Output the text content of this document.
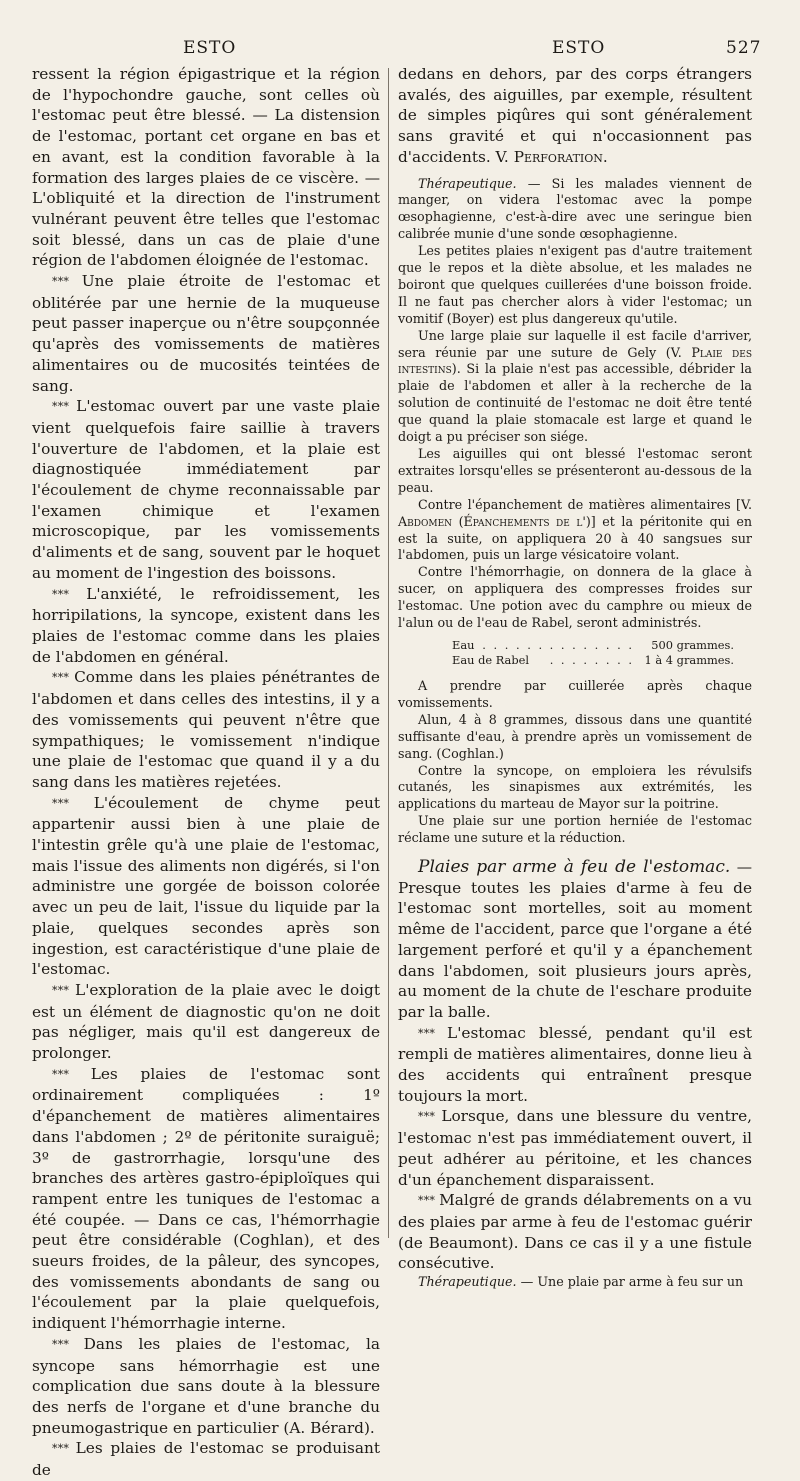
ESTO	ESTO	527

ressent la région épigastrique et la région de l'hypochondre gauche, sont celles où l'estomac peut être blessé. — La distension de l'estomac, portant cet organe en bas et en avant, est la condition favorable à la formation des larges plaies de ce viscère. — L'obliquité et la direction de l'instrument vulnérant peuvent être telles que l'estomac soit blessé, dans un cas de plaie d'une région de l'abdomen éloignée de l'estomac.

* * * Une plaie étroite de l'estomac et oblitérée par une hernie de la muqueuse peut passer inaperçue ou n'être soupçonnée qu'après des vomissements de matières alimentaires ou de mucosités teintées de sang.

* * * L'estomac ouvert par une vaste plaie vient quelquefois faire saillie à travers l'ouverture de l'abdomen, et la plaie est diagnostiquée immédiatement par l'écoulement de chyme reconnaissable par l'examen chimique et l'examen microscopique, par les vomissements d'aliments et de sang, souvent par le hoquet au moment de l'ingestion des boissons.

* * * L'anxiété, le refroidissement, les horripilations, la syncope, existent dans les plaies de l'estomac comme dans les plaies de l'abdomen en général.

* * * Comme dans les plaies pénétrantes de l'abdomen et dans celles des intestins, il y a des vomissements qui peuvent n'être que sympathiques; le vomissement n'indique une plaie de l'estomac que quand il y a du sang dans les matières rejetées.

* * * L'écoulement de chyme peut appartenir aussi bien à une plaie de l'intestin grêle qu'à une plaie de l'estomac, mais l'issue des aliments non digérés, si l'on administre une gorgée de boisson colorée avec un peu de lait, l'issue du liquide par la plaie, quelques secondes après son ingestion, est caractéristique d'une plaie de l'estomac.

* * * L'exploration de la plaie avec le doigt est un élément de diagnostic qu'on ne doit pas négliger, mais qu'il est dangereux de prolonger.

* * * Les plaies de l'estomac sont ordinairement compliquées : 1º d'épanchement de matières alimentaires dans l'abdomen ; 2º de péritonite suraiguë; 3º de gastrorrhagie, lorsqu'une des branches des artères gastro-épiploïques qui rampent entre les tuniques de l'estomac a été coupée. — Dans ce cas, l'hémorrhagie peut être considérable (Coghlan), et des sueurs froides, de la pâleur, des syncopes, des vomissements abondants de sang ou l'écoulement par la plaie quelquefois, indiquent l'hémorrhagie interne.

* * * Dans les plaies de l'estomac, la syncope sans hémorrhagie est une complication due sans doute à la blessure des nerfs de l'organe et d'une branche du pneumogastrique en particulier (A. Bérard).

* * * Les plaies de l'estomac se produisant de

dedans en dehors, par des corps étrangers avalés, des aiguilles, par exemple, résultent de simples piqûres qui sont généralement sans gravité et qui n'occasionnent pas d'accidents. V. Perforation.

Thérapeutique. — Si les malades viennent de manger, on videra l'estomac avec la pompe œsophagienne, c'est-à-dire avec une seringue bien calibrée munie d'une sonde œsophagienne.

Les petites plaies n'exigent pas d'autre traitement que le repos et la diète absolue, et les malades ne boiront que quelques cuillerées d'une boisson froide. Il ne faut pas chercher alors à vider l'estomac; un vomitif (Boyer) est plus dangereux qu'utile.

Une large plaie sur laquelle il est facile d'arriver, sera réunie par une suture de Gely (V. Plaie des intestins). Si la plaie n'est pas accessible, débrider la plaie de l'abdomen et aller à la recherche de la solution de continuité de l'estomac ne doit être tenté que quand la plaie stomacale est large et quand le doigt a pu préciser son siége.

Les aiguilles qui ont blessé l'estomac seront extraites lorsqu'elles se présenteront au-dessous de la peau.

Contre l'épanchement de matières alimentaires [V. Abdomen (Épanchements de l')] et la péritonite qui en est la suite, on appliquera 20 à 40 sangsues sur l'abdomen, puis un large vésicatoire volant.

Contre l'hémorrhagie, on donnera de la glace à sucer, on appliquera des compresses froides sur l'estomac. Une potion avec du camphre ou mieux de l'alun ou de l'eau de Rabel, seront administrés.

Eau . . . . . . . . . . . . . .	500 grammes.
Eau de Rabel	. . . . . . . . 1 à 4 grammes.

A prendre par cuillerée après chaque vomissements.

Alun, 4 à 8 grammes, dissous dans une quantité suffisante d'eau, à prendre après un vomissement de sang. (Coghlan.)

Contre la syncope, on emploiera les révulsifs cutanés, les sinapismes aux extrémités, les applications du marteau de Mayor sur la poitrine.

Une plaie sur une portion herniée de l'estomac réclame une suture et la réduction.

Plaies par arme à feu de l'estomac. — Presque toutes les plaies d'arme à feu de l'estomac sont mortelles, soit au moment même de l'accident, parce que l'organe a été largement perforé et qu'il y a épanchement dans l'abdomen, soit plusieurs jours après, au moment de la chute de l'eschare produite par la balle.

* * * L'estomac blessé, pendant qu'il est rempli de matières alimentaires, donne lieu à des accidents qui entraînent presque toujours la mort.

* * * Lorsque, dans une blessure du ventre, l'estomac n'est pas immédiatement ouvert, il peut adhérer au péritoine, et les chances d'un épanchement disparaissent.

* * * Malgré de grands délabrements on a vu des plaies par arme à feu de l'estomac guérir (de Beaumont). Dans ce cas il y a une fistule consécutive.

Thérapeutique. — Une plaie par arme à feu sur un
